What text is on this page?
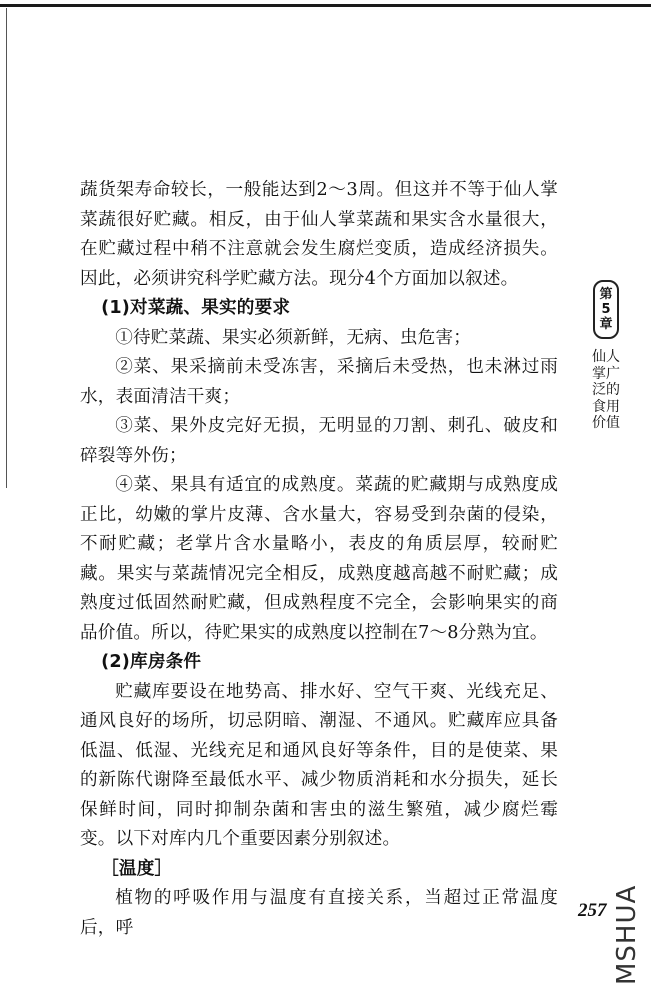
蔬货架寿命较长，一般能达到2～3周。但这并不等于仙人掌菜蔬很好贮藏。相反，由于仙人掌菜蔬和果实含水量很大，在贮藏过程中稍不注意就会发生腐烂变质，造成经济损失。因此，必须讲究科学贮藏方法。现分4个方面加以叙述。

(1)对菜蔬、果实的要求

①待贮菜蔬、果实必须新鲜，无病、虫危害；

②菜、果采摘前未受冻害，采摘后未受热，也未淋过雨水，表面清洁干爽；

③菜、果外皮完好无损，无明显的刀割、刺孔、破皮和碎裂等外伤；

④菜、果具有适宜的成熟度。菜蔬的贮藏期与成熟度成正比，幼嫩的掌片皮薄、含水量大，容易受到杂菌的侵染，不耐贮藏；老掌片含水量略小，表皮的角质层厚，较耐贮藏。果实与菜蔬情况完全相反，成熟度越高越不耐贮藏；成熟度过低固然耐贮藏，但成熟程度不完全，会影响果实的商品价值。所以，待贮果实的成熟度以控制在7～8分熟为宜。

(2)库房条件

贮藏库要设在地势高、排水好、空气干爽、光线充足、通风良好的场所，切忌阴暗、潮湿、不通风。贮藏库应具备低温、低湿、光线充足和通风良好等条件，目的是使菜、果的新陈代谢降至最低水平、减少物质消耗和水分损失，延长保鲜时间，同时抑制杂菌和害虫的滋生繁殖，减少腐烂霉变。以下对库内几个重要因素分别叙述。

［温度］

植物的呼吸作用与温度有直接关系，当超过正常温度后，呼

第
5
章
仙人掌广泛的食用价值
257 MSHUA
